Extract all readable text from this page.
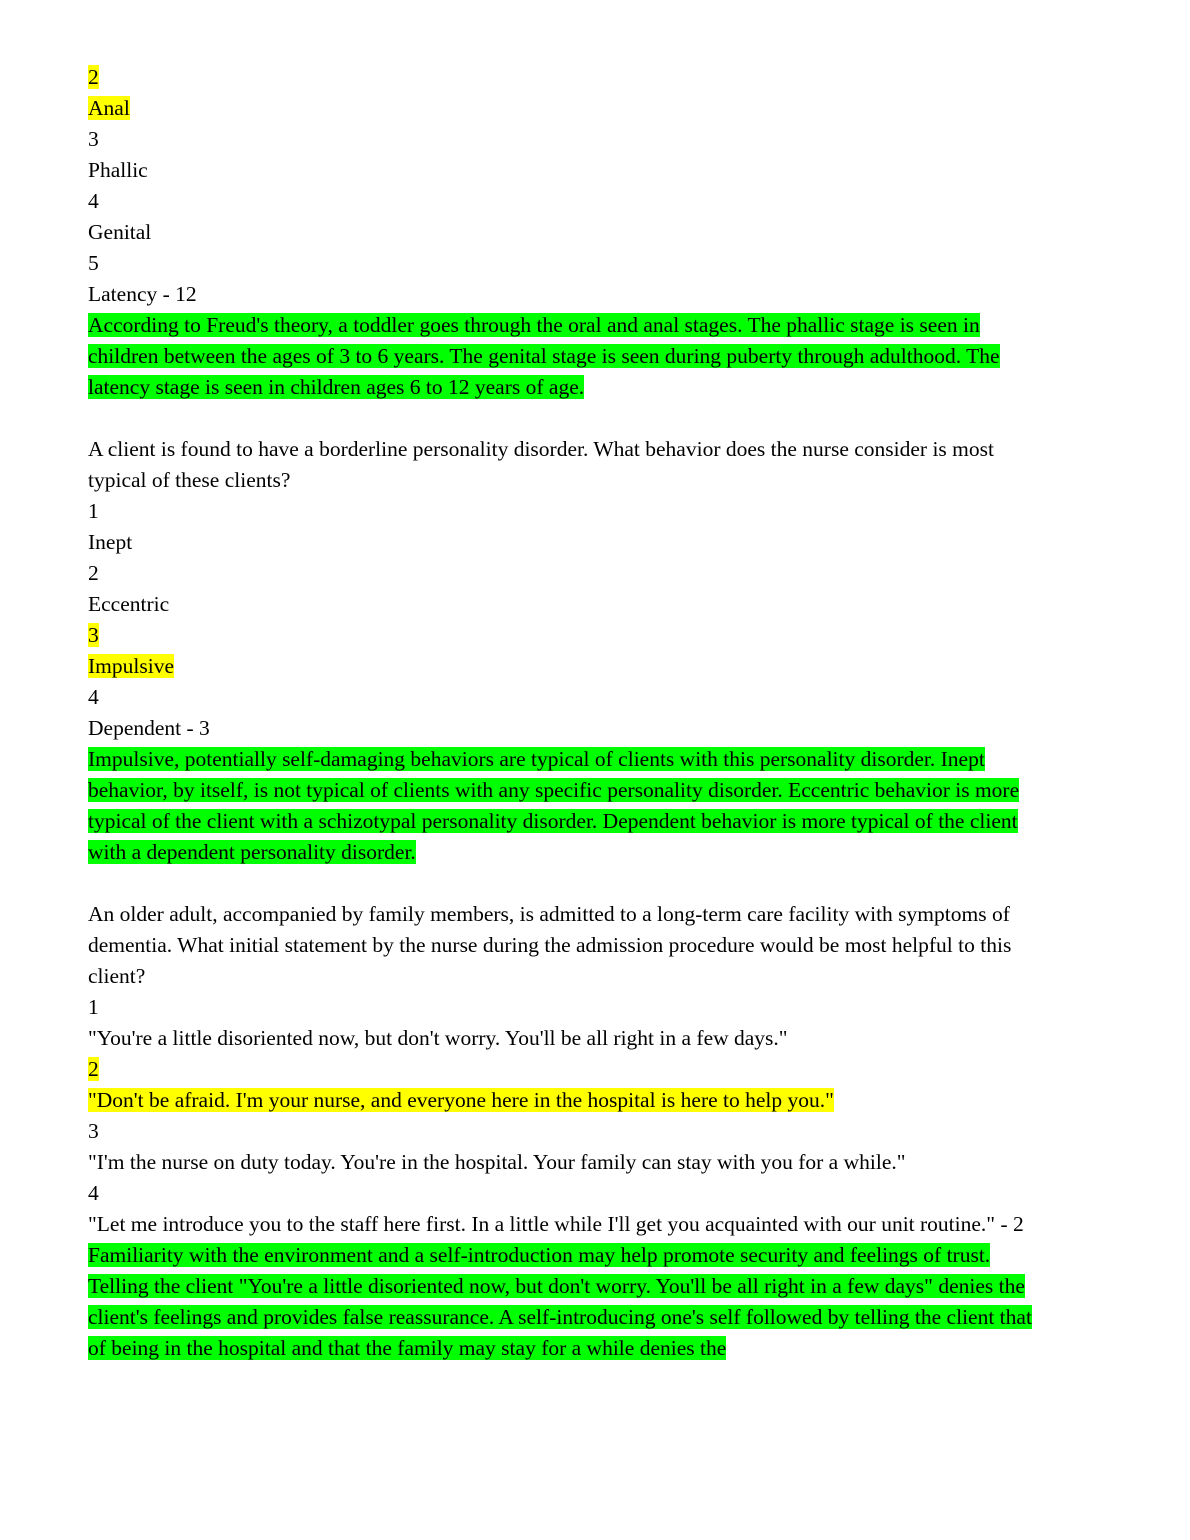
2
Anal
3
Phallic
4
Genital
5
Latency - 12
According to Freud's theory, a toddler goes through the oral and anal stages. The phallic stage is seen in children between the ages of 3 to 6 years. The genital stage is seen during puberty through adulthood. The latency stage is seen in children ages 6 to 12 years of age.
A client is found to have a borderline personality disorder. What behavior does the nurse consider is most typical of these clients?
1
Inept
2
Eccentric
3
Impulsive
4
Dependent - 3
Impulsive, potentially self-damaging behaviors are typical of clients with this personality disorder. Inept behavior, by itself, is not typical of clients with any specific personality disorder. Eccentric behavior is more typical of the client with a schizotypal personality disorder. Dependent behavior is more typical of the client with a dependent personality disorder.
An older adult, accompanied by family members, is admitted to a long-term care facility with symptoms of dementia. What initial statement by the nurse during the admission procedure would be most helpful to this client?
1
"You're a little disoriented now, but don't worry. You'll be all right in a few days."
2
"Don't be afraid. I'm your nurse, and everyone here in the hospital is here to help you."
3
"I'm the nurse on duty today. You're in the hospital. Your family can stay with you for a while."
4
"Let me introduce you to the staff here first. In a little while I'll get you acquainted with our unit routine." - 2
Familiarity with the environment and a self-introduction may help promote security and feelings of trust. Telling the client "You're a little disoriented now, but don't worry. You'll be all right in a few days" denies the client's feelings and provides false reassurance. A self-introducing one's self followed by telling the client that of being in the hospital and that the family may stay for a while denies the
